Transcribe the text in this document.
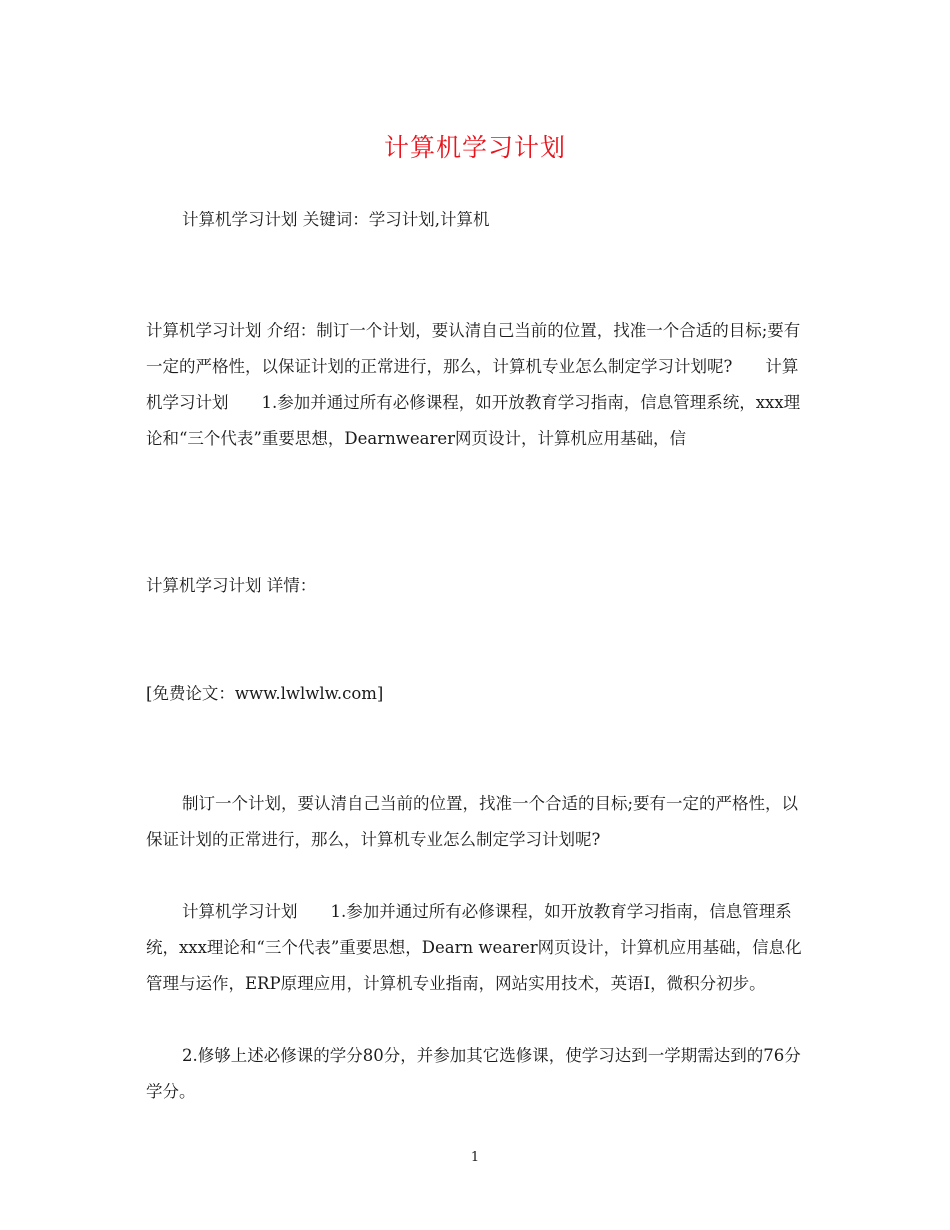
计算机学习计划

计算机学习计划 关键词：学习计划,计算机

计算机学习计划 介绍：制订一个计划，要认清自己当前的位置，找准一个合适的目标;要有一定的严格性，以保证计划的正常进行，那么，计算机专业怎么制定学习计划呢?　　计算机学习计划　　1.参加并通过所有必修课程，如开放教育学习指南，信息管理系统，xxx理论和“三个代表”重要思想，Dearnwearer网页设计，计算机应用基础，信

计算机学习计划 详情：

[免费论文：www.lwlwlw.com]

制订一个计划，要认清自己当前的位置，找准一个合适的目标;要有一定的严格性，以保证计划的正常进行，那么，计算机专业怎么制定学习计划呢?

计算机学习计划　　1.参加并通过所有必修课程，如开放教育学习指南，信息管理系统，xxx理论和“三个代表”重要思想，Dearn wearer网页设计，计算机应用基础，信息化管理与运作，ERP原理应用，计算机专业指南，网站实用技术，英语I，微积分初步。

2.修够上述必修课的学分80分，并参加其它选修课，使学习达到一学期需达到的76分学分。

1
